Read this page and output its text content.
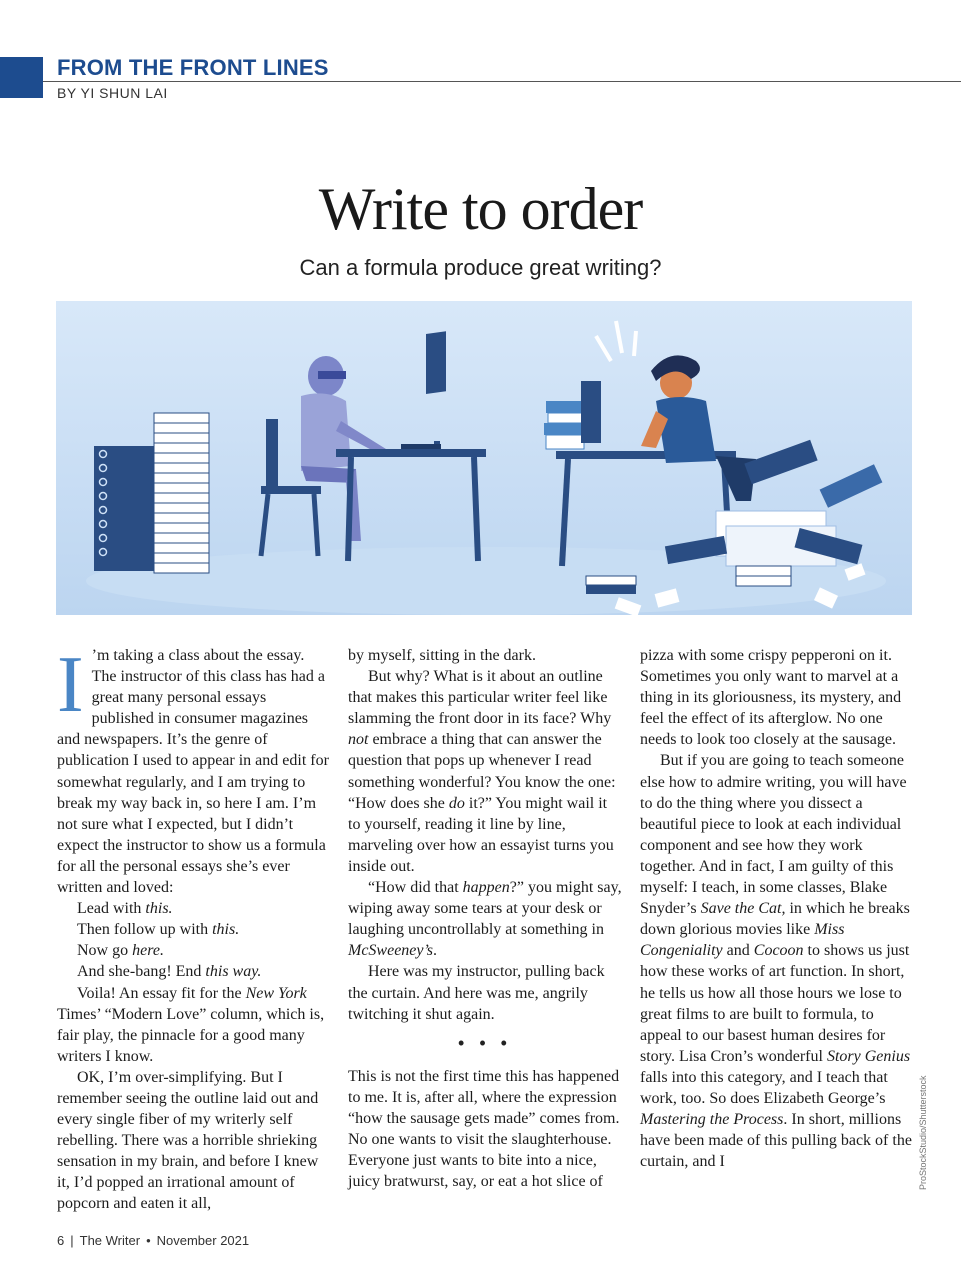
FROM THE FRONT LINES
BY YI SHUN LAI
Write to order
Can a formula produce great writing?
I ’m taking a class about the essay. The instructor of this class has had a great many personal essays published in consumer magazines and newspapers. It’s the genre of publication I used to appear in and edit for somewhat regularly, and I am trying to break my way back in, so here I am. I’m not sure what I expected, but I didn’t expect the instructor to show us a formula for all the personal essays she’s ever written and loved:

Lead with this.

Then follow up with this.

Now go here.

And she-bang! End this way.

Voila! An essay fit for the New York Times’ “Modern Love” column, which is, fair play, the pinnacle for a good many writers I know.

OK, I’m over-simplifying. But I remember seeing the outline laid out and every single fiber of my writerly self rebelling. There was a horrible shrieking sensation in my brain, and before I knew it, I’d popped an irrational amount of popcorn and eaten it all,

by myself, sitting in the dark.

But why? What is it about an outline that makes this particular writer feel like slamming the front door in its face? Why not embrace a thing that can answer the question that pops up whenever I read something wonderful? You know the one: “How does she do it?” You might wail it to yourself, reading it line by line, marveling over how an essayist turns you inside out.

“How did that happen?” you might say, wiping away some tears at your desk or laughing uncontrollably at something in McSweeney’s.

Here was my instructor, pulling back the curtain. And here was me, angrily twitching it shut again.

• • •

This is not the first time this has happened to me. It is, after all, where the expression “how the sausage gets made” comes from. No one wants to visit the slaughterhouse. Everyone just wants to bite into a nice, juicy bratwurst, say, or eat a hot slice of

pizza with some crispy pepperoni on it. Sometimes you only want to marvel at a thing in its gloriousness, its mystery, and feel the effect of its afterglow. No one needs to look too closely at the sausage.

But if you are going to teach someone else how to admire writing, you will have to do the thing where you dissect a beautiful piece to look at each individual component and see how they work together. And in fact, I am guilty of this myself: I teach, in some classes, Blake Snyder’s Save the Cat, in which he breaks down glorious movies like Miss Congeniality and Cocoon to shows us just how these works of art function. In short, he tells us how all those hours we lose to great films to are built to formula, to appeal to our basest human desires for story. Lisa Cron’s wonderful Story Genius falls into this category, and I teach that work, too. So does Elizabeth George’s Mastering the Process. In short, millions have been made of this pulling back of the curtain, and I	ProStockStudio/Shutterstock
6 | The Writer • November 2021
